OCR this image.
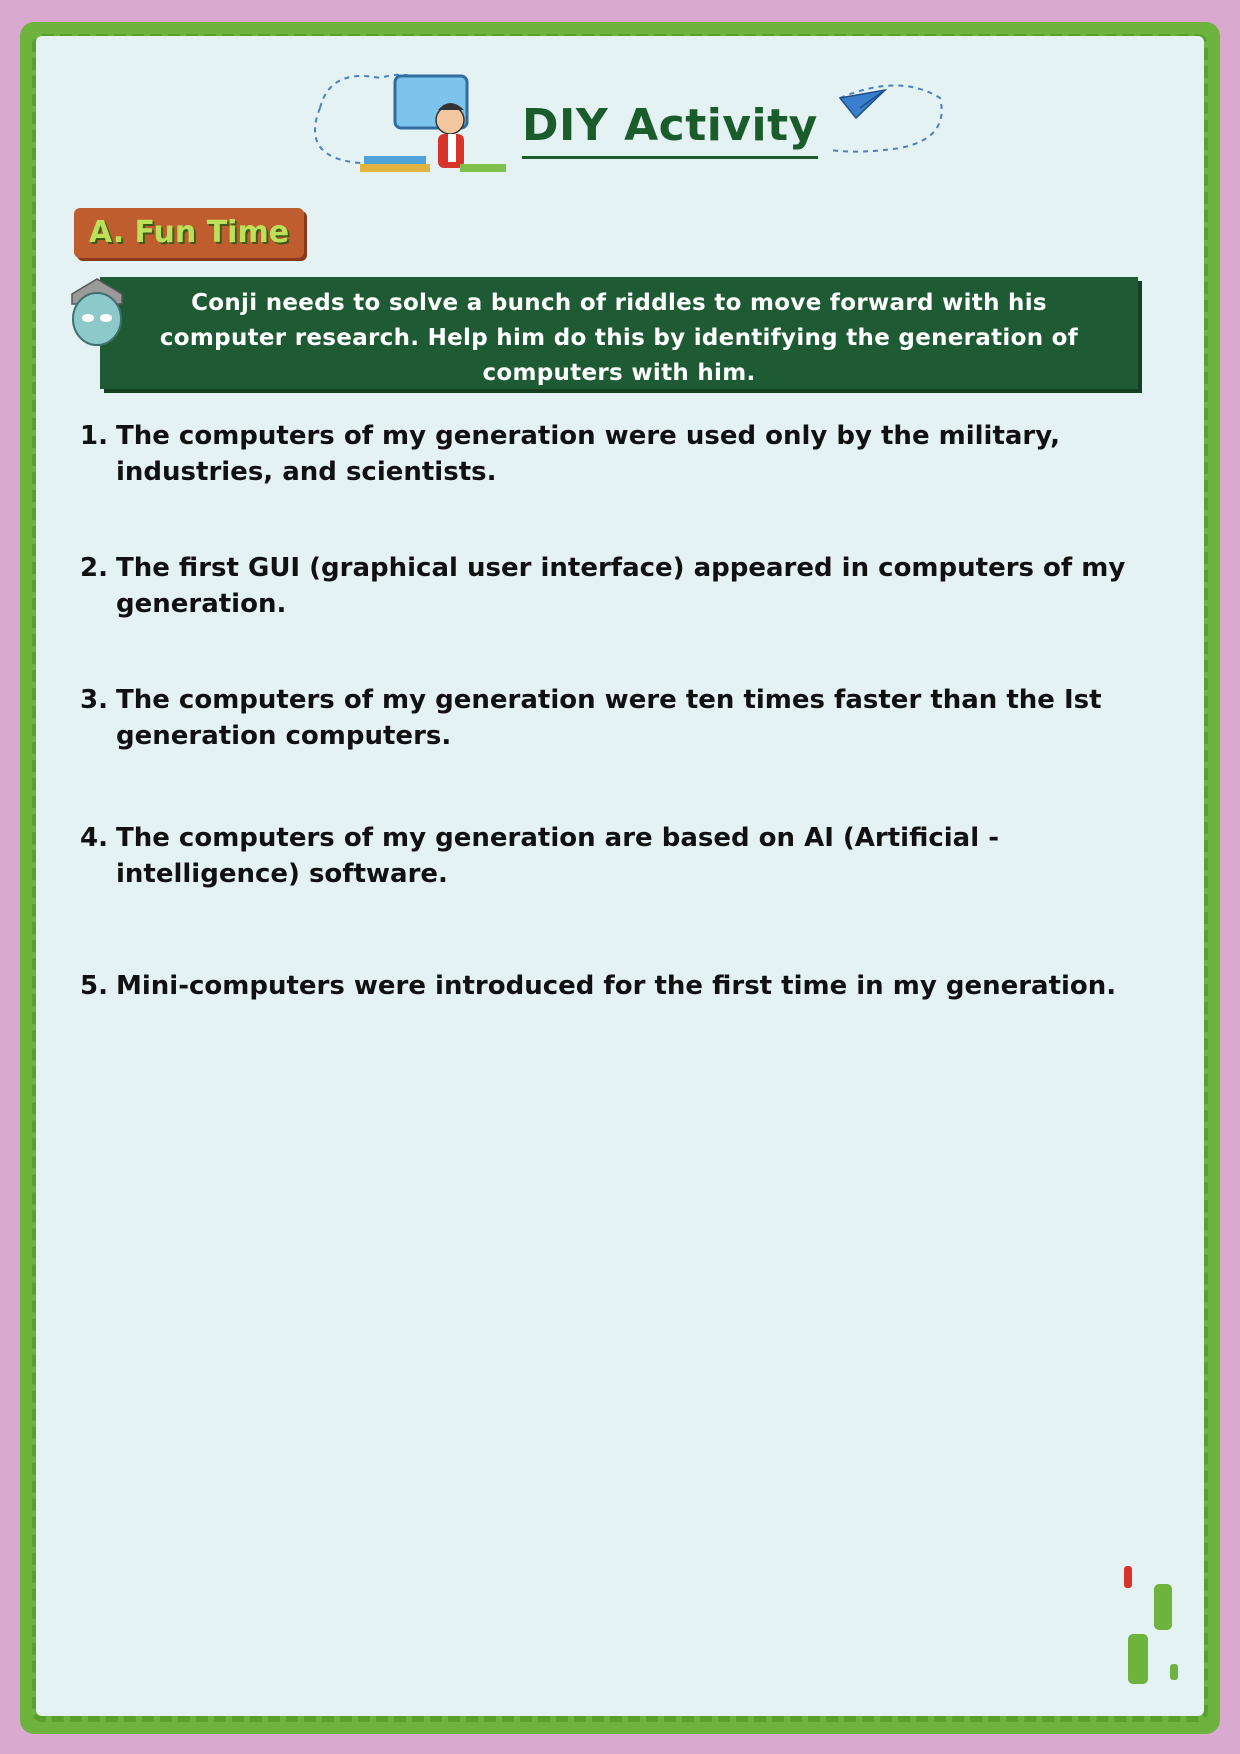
DIY Activity
A. Fun Time

Conji needs to solve a bunch of riddles to move forward with his computer research. Help him do this by identifying the generation of computers with him.

1. The computers of my generation were used only by the military, industries, and scientists.
2. The first GUI (graphical user interface) appeared in computers of my generation.
3. The computers of my generation were ten times faster than the Ist generation computers.
4. The computers of my generation are based on AI (Artificial - intelligence) software.
5. Mini-computers were introduced for the first time in my generation.
